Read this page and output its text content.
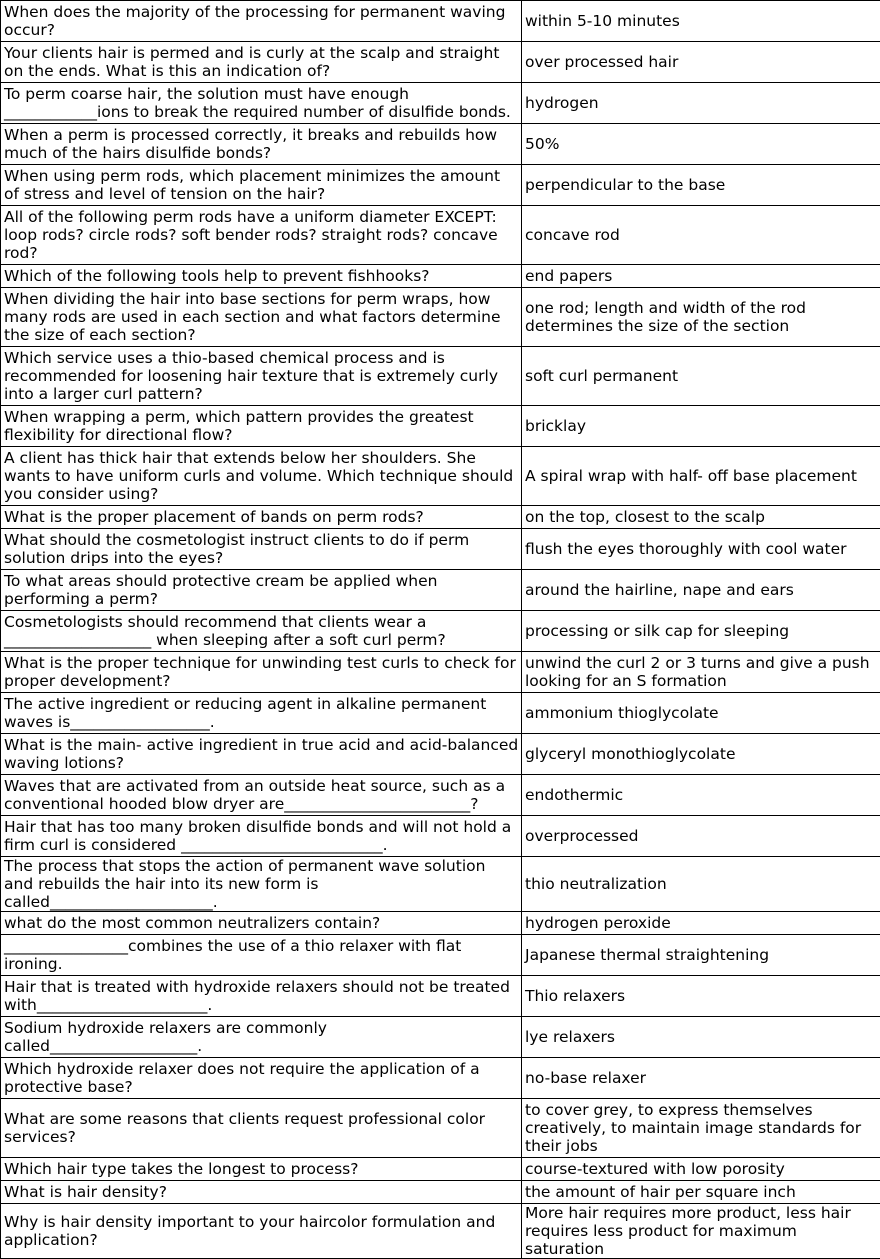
When does the majority of the processing for permanent waving occur?	within 5-10 minutes
Your clients hair is permed and is curly at the scalp and straight on the ends. What is this an indication of?	over processed hair
To perm coarse hair, the solution must have enough ____________ions to break the required number of disulfide bonds.	hydrogen
When a perm is processed correctly, it breaks and rebuilds how much of the hairs disulfide bonds?	50%
When using perm rods, which placement minimizes the amount of stress and level of tension on the hair?	perpendicular to the base
All of the following perm rods have a uniform diameter EXCEPT: loop rods? circle rods? soft bender rods? straight rods? concave rod?	concave rod
Which of the following tools help to prevent fishhooks?	end papers
When dividing the hair into base sections for perm wraps, how many rods are used in each section and what factors determine the size of each section?	one rod; length and width of the rod determines the size of the section
Which service uses a thio-based chemical process and is recommended for loosening hair texture that is extremely curly into a larger curl pattern?	soft curl permanent
When wrapping a perm, which pattern provides the greatest flexibility for directional flow?	bricklay
A client has thick hair that extends below her shoulders. She wants to have uniform curls and volume. Which technique should you consider using?	A spiral wrap with half- off base placement
What is the proper placement of bands on perm rods?	on the top, closest to the scalp
What should the cosmetologist instruct clients to do if perm solution drips into the eyes?	flush the eyes thoroughly with cool water
To what areas should protective cream be applied when performing a perm?	around the hairline, nape and ears
Cosmetologists should recommend that clients wear a ___________________ when sleeping after a soft curl perm?	processing or silk cap for sleeping
What is the proper technique for unwinding test curls to check for proper development?	unwind the curl 2 or 3 turns and give a push looking for an S formation
The active ingredient or reducing agent in alkaline permanent waves is__________________.	ammonium thioglycolate
What is the main- active ingredient in true acid and acid-balanced waving lotions?	glyceryl monothioglycolate
Waves that are activated from an outside heat source, such as a conventional hooded blow dryer are________________________?	endothermic
Hair that has too many broken disulfide bonds and will not hold a firm curl is considered __________________________.	overprocessed
The process that stops the action of permanent wave solution and rebuilds the hair into its new form is called_____________________.	thio neutralization
what do the most common neutralizers contain?	hydrogen peroxide
________________combines the use of a thio relaxer with flat ironing.	Japanese thermal straightening
Hair that is treated with hydroxide relaxers should not be treated with______________________.	Thio relaxers
Sodium hydroxide relaxers are commonly called___________________.	lye relaxers
Which hydroxide relaxer does not require the application of a protective base?	no-base relaxer
What are some reasons that clients request professional color services?	to cover grey, to express themselves creatively, to maintain image standards for their jobs
Which hair type takes the longest to process?	course-textured with low porosity
What is hair density?	the amount of hair per square inch
Why is hair density important to your haircolor formulation and application?	More hair requires more product, less hair requires less product for maximum saturation
